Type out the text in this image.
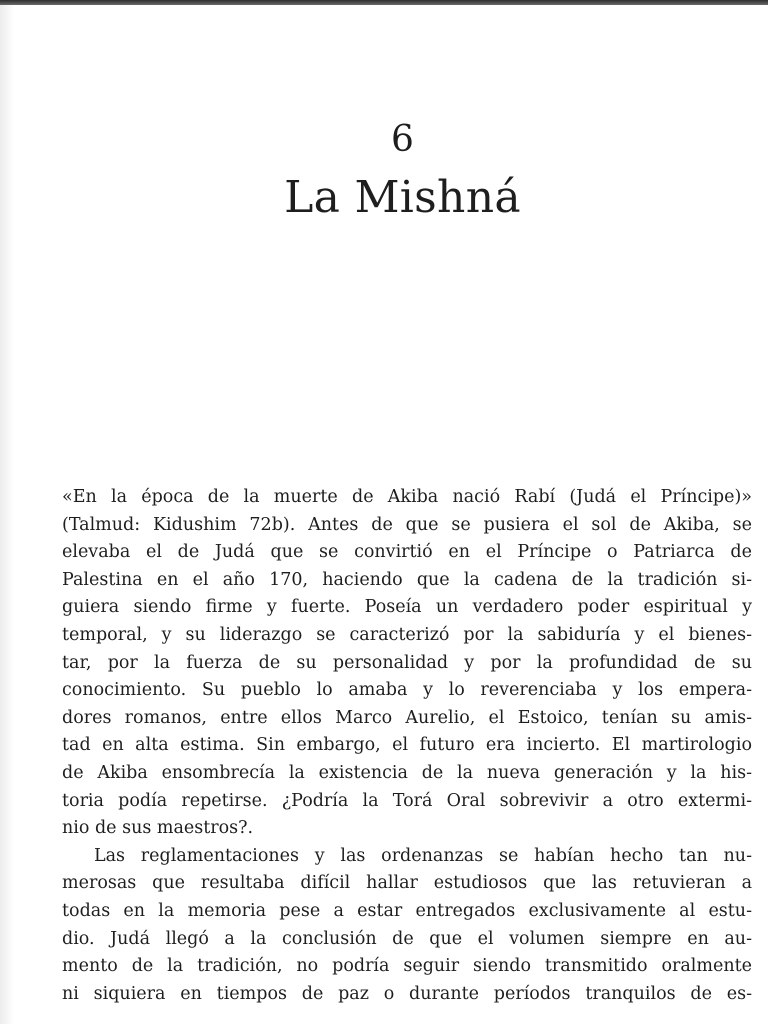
6
La Mishná
«En la época de la muerte de Akiba nació Rabí (Judá el Príncipe)»
(Talmud: Kidushim 72b). Antes de que se pusiera el sol de Akiba, se
elevaba el de Judá que se convirtió en el Príncipe o Patriarca de
Palestina en el año 170, haciendo que la cadena de la tradición si-
guiera siendo firme y fuerte. Poseía un verdadero poder espiritual y
temporal, y su liderazgo se caracterizó por la sabiduría y el bienes-
tar, por la fuerza de su personalidad y por la profundidad de su
conocimiento. Su pueblo lo amaba y lo reverenciaba y los empera-
dores romanos, entre ellos Marco Aurelio, el Estoico, tenían su amis-
tad en alta estima. Sin embargo, el futuro era incierto. El martirologio
de Akiba ensombrecía la existencia de la nueva generación y la his-
toria podía repetirse. ¿Podría la Torá Oral sobrevivir a otro extermi-
nio de sus maestros?.
Las reglamentaciones y las ordenanzas se habían hecho tan nu-
merosas que resultaba difícil hallar estudiosos que las retuvieran a
todas en la memoria pese a estar entregados exclusivamente al estu-
dio. Judá llegó a la conclusión de que el volumen siempre en au-
mento de la tradición, no podría seguir siendo transmitido oralmente
ni siquiera en tiempos de paz o durante períodos tranquilos de es-
